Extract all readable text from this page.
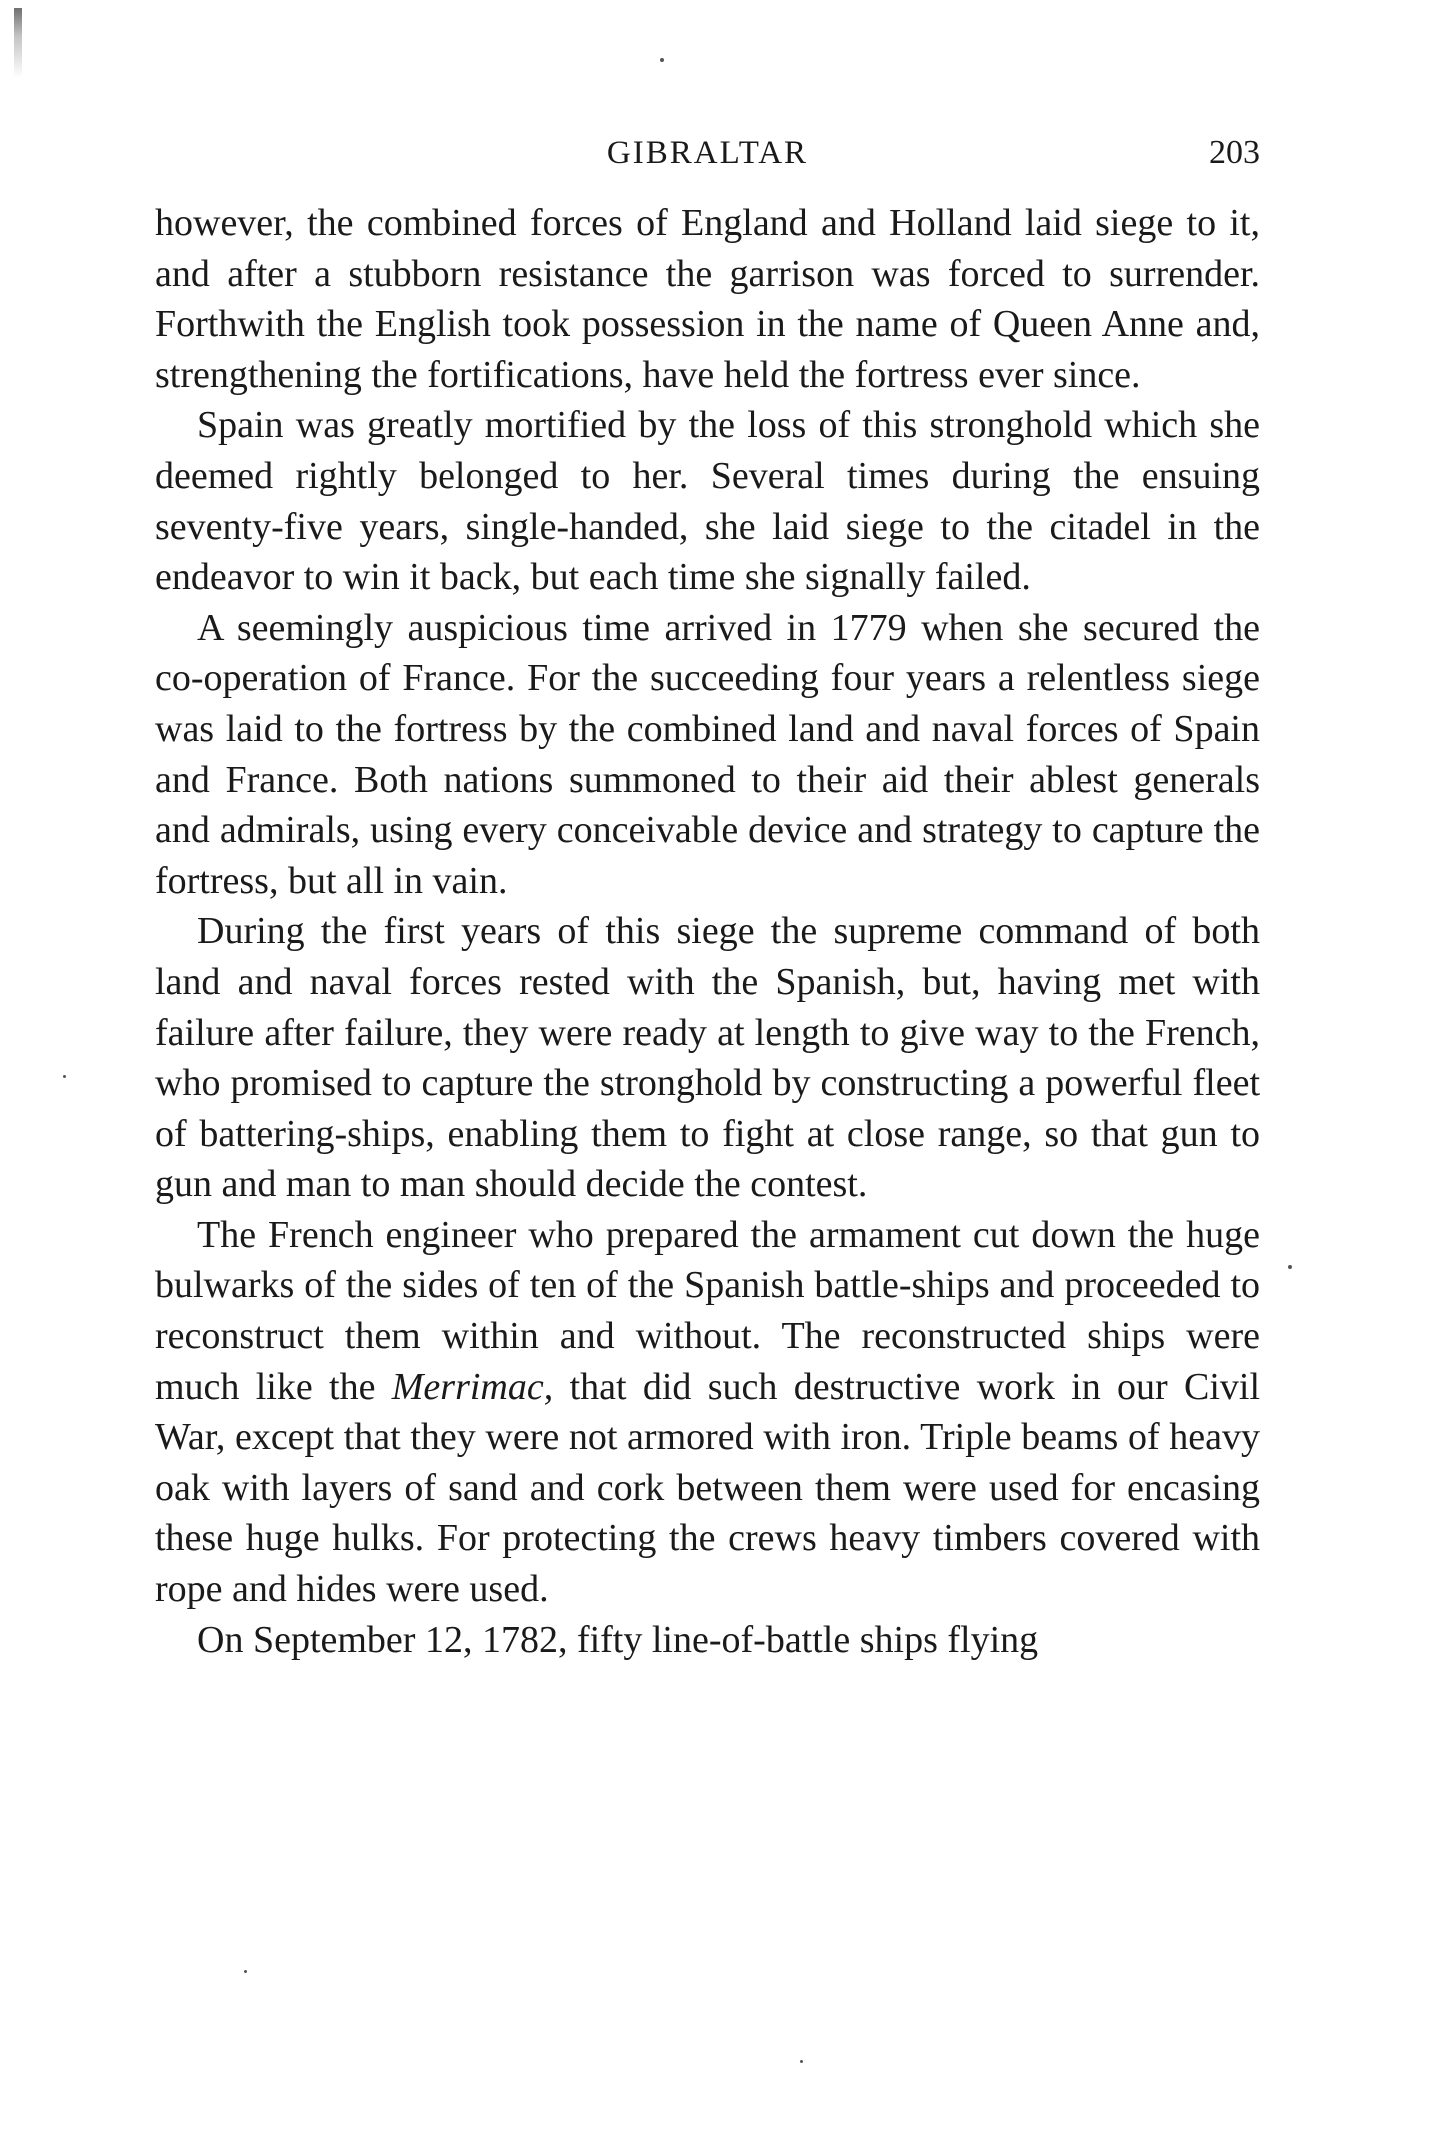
GIBRALTAR	203

however, the combined forces of England and Holland laid siege to it, and after a stubborn resistance the garrison was forced to surrender. Forthwith the English took possession in the name of Queen Anne and, strengthening the fortifications, have held the fortress ever since.

Spain was greatly mortified by the loss of this stronghold which she deemed rightly belonged to her. Several times during the ensuing seventy-five years, single-handed, she laid siege to the citadel in the endeavor to win it back, but each time she signally failed.

A seemingly auspicious time arrived in 1779 when she secured the co-operation of France. For the succeeding four years a relentless siege was laid to the fortress by the combined land and naval forces of Spain and France. Both nations summoned to their aid their ablest generals and admirals, using every conceivable device and strategy to capture the fortress, but all in vain.

During the first years of this siege the supreme command of both land and naval forces rested with the Spanish, but, having met with failure after failure, they were ready at length to give way to the French, who promised to capture the stronghold by constructing a powerful fleet of battering-ships, enabling them to fight at close range, so that gun to gun and man to man should decide the contest.

The French engineer who prepared the armament cut down the huge bulwarks of the sides of ten of the Spanish battle-ships and proceeded to reconstruct them within and without. The reconstructed ships were much like the Merrimac, that did such destructive work in our Civil War, except that they were not armored with iron. Triple beams of heavy oak with layers of sand and cork between them were used for encasing these huge hulks. For protecting the crews heavy timbers covered with rope and hides were used.

On September 12, 1782, fifty line-of-battle ships flying
